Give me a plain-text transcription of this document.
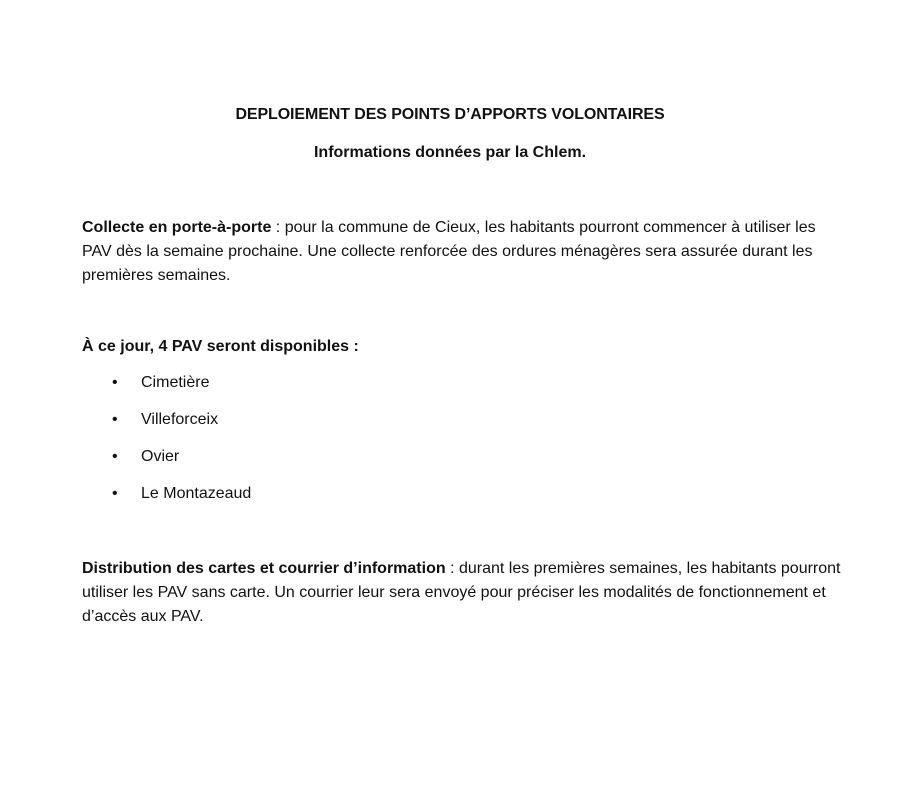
DEPLOIEMENT DES POINTS D’APPORTS VOLONTAIRES
Informations données par la Chlem.

Collecte en porte-à-porte : pour la commune de Cieux, les habitants pourront commencer à utiliser les PAV dès la semaine prochaine. Une collecte renforcée des ordures ménagères sera assurée durant les premières semaines.

À ce jour, 4 PAV seront disponibles :

• Cimetière
• Villeforceix
• Ovier
• Le Montazeaud

Distribution des cartes et courrier d’information : durant les premières semaines, les habitants pourront utiliser les PAV sans carte. Un courrier leur sera envoyé pour préciser les modalités de fonctionnement et d’accès aux PAV.
